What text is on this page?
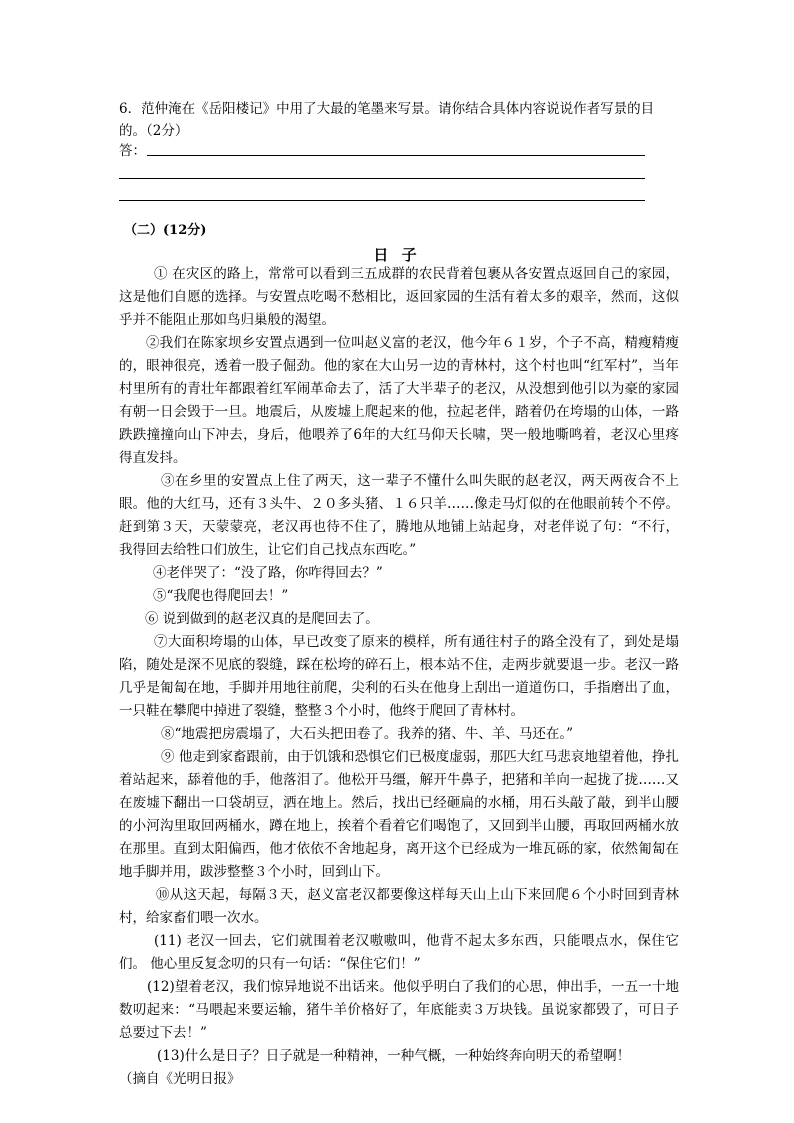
6．范仲淹在《岳阳楼记》中用了大最的笔墨来写景。请你结合具体内容说说作者写景的目的。（2分）
答：
（二）(12分)
日 子

① 在灾区的路上，常常可以看到三五成群的农民背着包裹从各安置点返回自己的家园，这是他们自愿的选择。与安置点吃喝不愁相比，返回家园的生活有着太多的艰辛，然而，这似乎并不能阻止那如鸟归巢般的渴望。

②我们在陈家坝乡安置点遇到一位叫赵义富的老汉，他今年６１岁，个子不高，精瘦精瘦的，眼神很亮，透着一股子倔劲。他的家在大山另一边的青林村，这个村也叫“红军村”，当年村里所有的青壮年都跟着红军闹革命去了，活了大半辈子的老汉，从没想到他引以为豪的家园有朝一日会毁于一旦。地震后，从废墟上爬起来的他，拉起老伴，踏着仍在垮塌的山体，一路跌跌撞撞向山下冲去，身后，他喂养了6年的大红马仰天长啸，哭一般地嘶鸣着，老汉心里疼得直发抖。

③在乡里的安置点上住了两天，这一辈子不懂什么叫失眠的赵老汉，两天两夜合不上眼。他的大红马，还有３头牛、２０多头猪、１６只羊……像走马灯似的在他眼前转个不停。 赶到第３天，天蒙蒙亮，老汉再也待不住了，腾地从地铺上站起身，对老伴说了句：“不行，我得回去给牲口们放生，让它们自己找点东西吃。”

④老伴哭了：“没了路，你咋得回去？”

⑤“我爬也得爬回去！”

⑥ 说到做到的赵老汉真的是爬回去了。

⑦大面积垮塌的山体，早已改变了原来的模样，所有通往村子的路全没有了，到处是塌陷，随处是深不见底的裂缝，踩在松垮的碎石上，根本站不住，走两步就要退一步。老汉一路几乎是匍匐在地，手脚并用地往前爬，尖利的石头在他身上刮出一道道伤口，手指磨出了血，一只鞋在攀爬中掉进了裂缝，整整３个小时，他终于爬回了青林村。

⑧“地震把房震塌了，大石头把田卷了。我养的猪、牛、羊、马还在。”

⑨ 他走到家畜跟前，由于饥饿和恐惧它们已极度虚弱，那匹大红马悲哀地望着他，挣扎着站起来，舔着他的手，他落泪了。他松开马缰，解开牛鼻子，把猪和羊向一起拢了拢……又在废墟下翻出一口袋胡豆，洒在地上。然后，找出已经砸扁的水桶，用石头敲了敲，到半山腰的小河沟里取回两桶水，蹲在地上，挨着个看着它们喝饱了，又回到半山腰，再取回两桶水放在那里。直到太阳偏西，他才依依不舍地起身，离开这个已经成为一堆瓦砾的家，依然匍匐在地手脚并用，跋涉整整３个小时，回到山下。

⑩从这天起，每隔３天，赵义富老汉都要像这样每天山上山下来回爬６个小时回到青林村，给家畜们喂一次水。

(11) 老汉一回去，它们就围着老汉嗷嗷叫，他背不起太多东西，只能喂点水，保住它们。 他心里反复念叨的只有一句话：“保住它们！”

(12)望着老汉，我们惊异地说不出话来。他似乎明白了我们的心思，伸出手，一五一十地数叨起来：“马喂起来要运输，猪牛羊价格好了，年底能卖３万块钱。虽说家都毁了，可日子总要过下去！”

(13)什么是日子？日子就是一种精神，一种气概，一种始终奔向明天的希望啊！

（摘自《光明日报》
